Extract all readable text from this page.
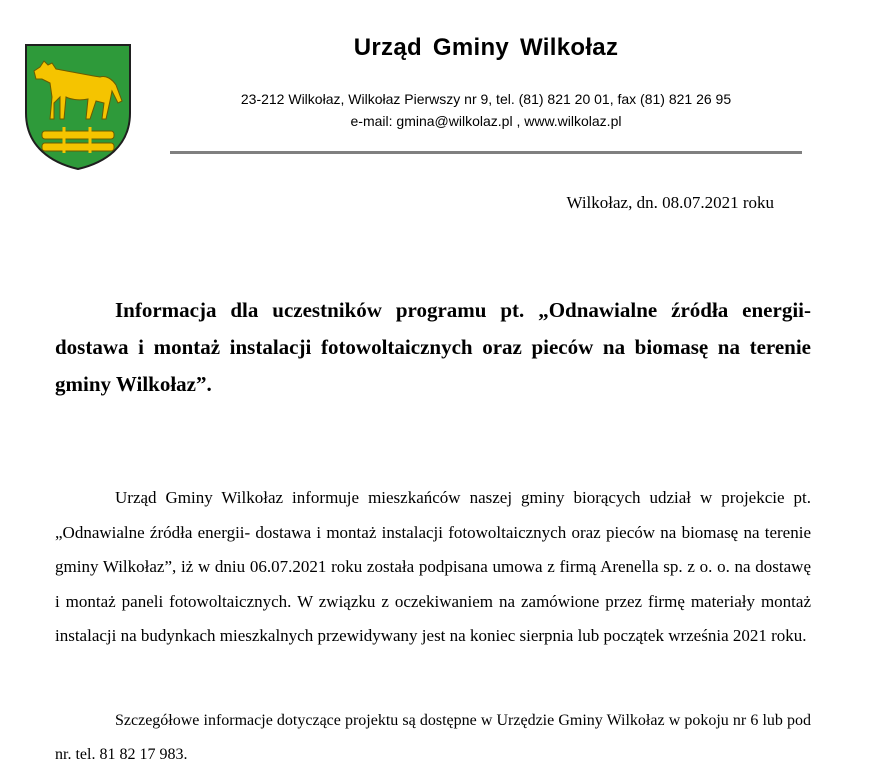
Urząd Gminy Wilkołaz
23-212 Wilkołaz, Wilkołaz Pierwszy nr 9, tel. (81) 821 20 01, fax (81) 821 26 95
e-mail: gmina@wilkolaz.pl , www.wilkolaz.pl
Wilkołaz, dn. 08.07.2021 roku
Informacja dla uczestników programu pt. „Odnawialne źródła energii- dostawa i montaż instalacji fotowoltaicznych oraz pieców na biomasę na terenie gminy Wilkołaz”.
Urząd Gminy Wilkołaz informuje mieszkańców naszej gminy biorących udział w projekcie pt. „Odnawialne źródła energii- dostawa i montaż instalacji fotowoltaicznych oraz pieców na biomasę na terenie gminy Wilkołaz”, iż w dniu 06.07.2021 roku została podpisana umowa z firmą Arenella sp. z o. o. na dostawę i montaż paneli fotowoltaicznych. W związku z oczekiwaniem na zamówione przez firmę materiały montaż instalacji na budynkach mieszkalnych przewidywany jest na koniec sierpnia lub początek września 2021 roku.
Szczegółowe informacje dotyczące projektu są dostępne w Urzędzie Gminy Wilkołaz w pokoju nr 6 lub pod nr. tel. 81 82 17 983.
